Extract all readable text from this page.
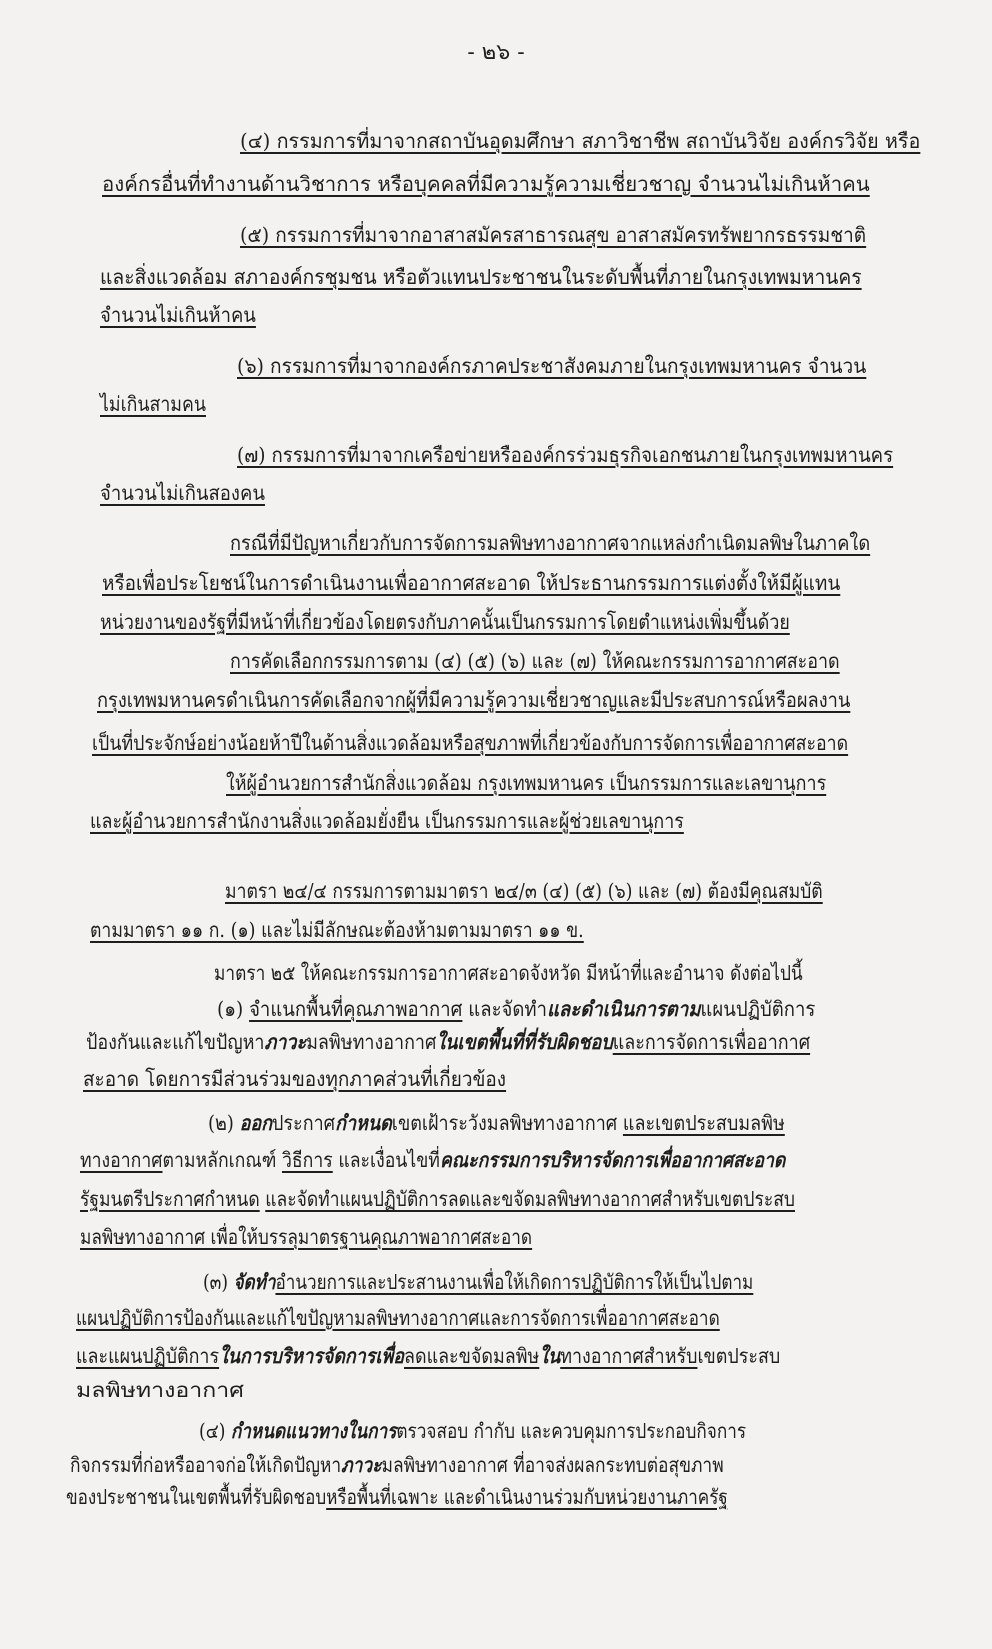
- ๒๖ -
(๔) กรรมการที่มาจากสถาบันอุดมศึกษา สภาวิชาชีพ สถาบันวิจัย องค์กรวิจัย หรือ
องค์กรอื่นที่ทำงานด้านวิชาการ หรือบุคคลที่มีความรู้ความเชี่ยวชาญ จำนวนไม่เกินห้าคน
(๕) กรรมการที่มาจากอาสาสมัครสาธารณสุข อาสาสมัครทรัพยากรธรรมชาติ
และสิ่งแวดล้อม สภาองค์กรชุมชน หรือตัวแทนประชาชนในระดับพื้นที่ภายในกรุงเทพมหานคร
จำนวนไม่เกินห้าคน
(๖) กรรมการที่มาจากองค์กรภาคประชาสังคมภายในกรุงเทพมหานคร จำนวน
ไม่เกินสามคน
(๗) กรรมการที่มาจากเครือข่ายหรือองค์กรร่วมธุรกิจเอกชนภายในกรุงเทพมหานคร
จำนวนไม่เกินสองคน
กรณีที่มีปัญหาเกี่ยวกับการจัดการมลพิษทางอากาศจากแหล่งกำเนิดมลพิษในภาคใด
หรือเพื่อประโยชน์ในการดำเนินงานเพื่ออากาศสะอาด ให้ประธานกรรมการแต่งตั้งให้มีผู้แทน
หน่วยงานของรัฐที่มีหน้าที่เกี่ยวข้องโดยตรงกับภาคนั้นเป็นกรรมการโดยตำแหน่งเพิ่มขึ้นด้วย
การคัดเลือกกรรมการตาม (๔) (๕) (๖) และ (๗) ให้คณะกรรมการอากาศสะอาด
กรุงเทพมหานครดำเนินการคัดเลือกจากผู้ที่มีความรู้ความเชี่ยวชาญและมีประสบการณ์หรือผลงาน
เป็นที่ประจักษ์อย่างน้อยห้าปีในด้านสิ่งแวดล้อมหรือสุขภาพที่เกี่ยวข้องกับการจัดการเพื่ออากาศสะอาด
ให้ผู้อำนวยการสำนักสิ่งแวดล้อม กรุงเทพมหานคร เป็นกรรมการและเลขานุการ
และผู้อำนวยการสำนักงานสิ่งแวดล้อมยั่งยืน เป็นกรรมการและผู้ช่วยเลขานุการ
มาตรา ๒๔/๔ กรรมการตามมาตรา ๒๔/๓ (๔) (๕) (๖) และ (๗) ต้องมีคุณสมบัติ
ตามมาตรา ๑๑ ก. (๑) และไม่มีลักษณะต้องห้ามตามมาตรา ๑๑ ข.
มาตรา ๒๕ ให้คณะกรรมการอากาศสะอาดจังหวัด มีหน้าที่และอำนาจ ดังต่อไปนี้
(๑) จำแนกพื้นที่คุณภาพอากาศ และจัดทำและดำเนินการตามแผนปฏิบัติการ
ป้องกันและแก้ไขปัญหาภาวะมลพิษทางอากาศในเขตพื้นที่ที่รับผิดชอบและการจัดการเพื่ออากาศ
สะอาด โดยการมีส่วนร่วมของทุกภาคส่วนที่เกี่ยวข้อง
(๒) ออกประกาศกำหนดเขตเฝ้าระวังมลพิษทางอากาศ และเขตประสบมลพิษ
ทางอากาศตามหลักเกณฑ์ วิธีการ และเงื่อนไขที่คณะกรรมการบริหารจัดการเพื่ออากาศสะอาด
รัฐมนตรีประกาศกำหนด และจัดทำแผนปฏิบัติการลดและขจัดมลพิษทางอากาศสำหรับเขตประสบ
มลพิษทางอากาศ เพื่อให้บรรลุมาตรฐานคุณภาพอากาศสะอาด
(๓) จัดทำอำนวยการและประสานงานเพื่อให้เกิดการปฏิบัติการให้เป็นไปตาม
แผนปฏิบัติการป้องกันและแก้ไขปัญหามลพิษทางอากาศและการจัดการเพื่ออากาศสะอาด
และแผนปฏิบัติการในการบริหารจัดการเพื่อลดและขจัดมลพิษในทางอากาศสำหรับเขตประสบ
มลพิษทางอากาศ
(๔) กำหนดแนวทางในการตรวจสอบ กำกับ และควบคุมการประกอบกิจการ
กิจกรรมที่ก่อหรืออาจก่อให้เกิดปัญหาภาวะมลพิษทางอากาศ ที่อาจส่งผลกระทบต่อสุขภาพ
ของประชาชนในเขตพื้นที่รับผิดชอบหรือพื้นที่เฉพาะ และดำเนินงานร่วมกับหน่วยงานภาครัฐ
